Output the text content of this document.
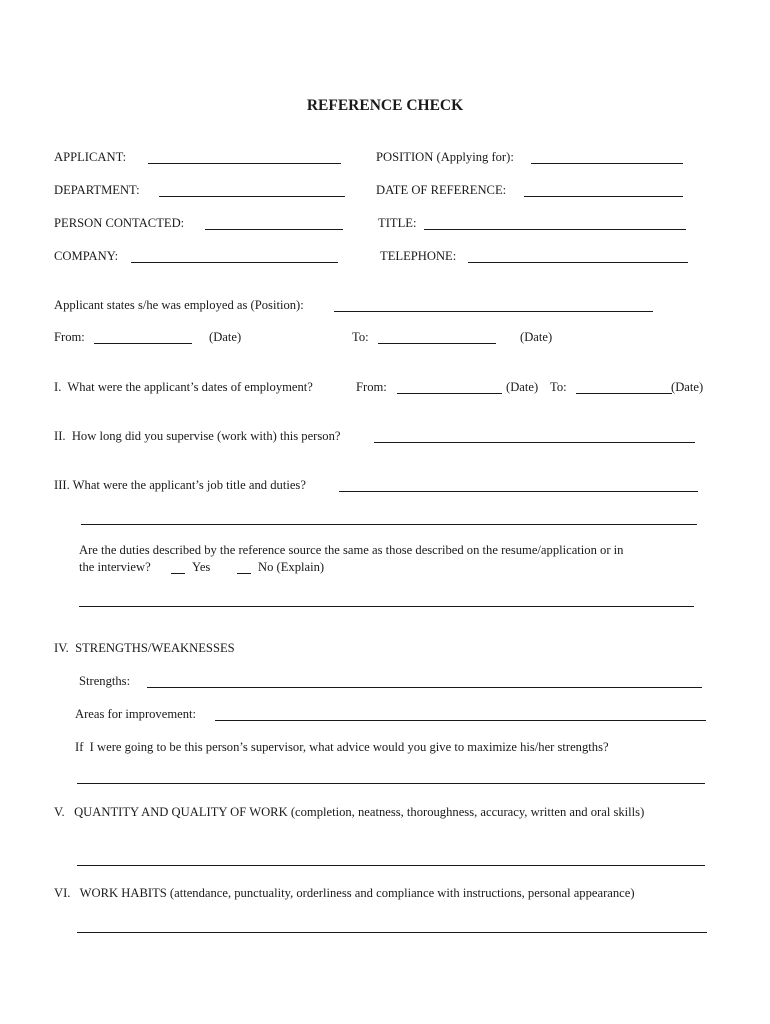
REFERENCE CHECK
APPLICANT:	POSITION (Applying for):
DEPARTMENT:	DATE OF REFERENCE:
PERSON CONTACTED:	TITLE:
COMPANY:	TELEPHONE:
Applicant states s/he was employed as (Position):
From:	(Date)	To:	(Date)
I.  What were the applicant’s dates of employment?	From:	(Date) To:	(Date)
II.  How long did you supervise (work with) this person?
III. What were the applicant’s job title and duties?
Are the duties described by the reference source the same as those described on the resume/application or in
the interview?	Yes	No (Explain)
IV.  STRENGTHS/WEAKNESSES
Strengths:
Areas for improvement:
If  I were going to be this person’s supervisor, what advice would you give to maximize his/her strengths?
V.   QUANTITY AND QUALITY OF WORK (completion, neatness, thoroughness, accuracy, written and oral skills)
VI.   WORK HABITS (attendance, punctuality, orderliness and compliance with instructions, personal appearance)
